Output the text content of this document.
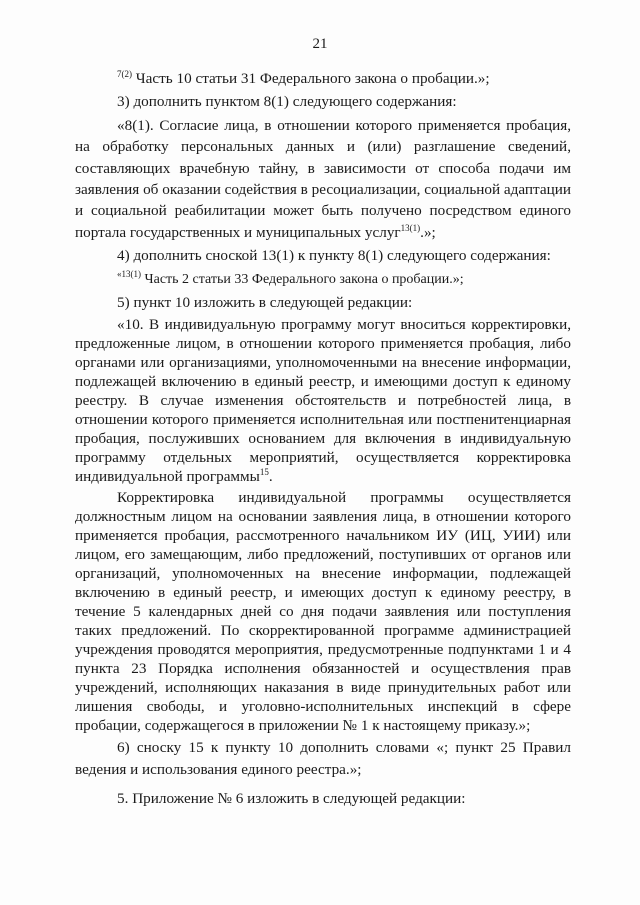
21

$^{7(2)}$ Часть 10 статьи 31 Федерального закона о пробации.»;

3) дополнить пунктом 8(1) следующего содержания:

«8(1). Согласие лица, в отношении которого применяется пробация, на обработку персональных данных и (или) разглашение сведений, составляющих врачебную тайну, в зависимости от способа подачи им заявления об оказании содействия в ресоциализации, социальной адаптации и социальной реабилитации может быть получено посредством единого портала государственных и муниципальных услуг$^{13(1)}$.»;

4) дополнить сноской 13(1) к пункту 8(1) следующего содержания:

$^{«13(1)}$ Часть 2 статьи 33 Федерального закона о пробации.»;

5) пункт 10 изложить в следующей редакции:

«10. В индивидуальную программу могут вноситься корректировки, предложенные лицом, в отношении которого применяется пробация, либо органами или организациями, уполномоченными на внесение информации, подлежащей включению в единый реестр, и имеющими доступ к единому реестру. В случае изменения обстоятельств и потребностей лица, в отношении которого применяется исполнительная или постпенитенциарная пробация, послуживших основанием для включения в индивидуальную программу отдельных мероприятий, осуществляется корректировка индивидуальной программы$^{15}$.

Корректировка индивидуальной программы осуществляется должностным лицом на основании заявления лица, в отношении которого применяется пробация, рассмотренного начальником ИУ (ИЦ, УИИ) или лицом, его замещающим, либо предложений, поступивших от органов или организаций, уполномоченных на внесение информации, подлежащей включению в единый реестр, и имеющих доступ к единому реестру, в течение 5 календарных дней со дня подачи заявления или поступления таких предложений. По скорректированной программе администрацией учреждения проводятся мероприятия, предусмотренные подпунктами 1 и 4 пункта 23 Порядка исполнения обязанностей и осуществления прав учреждений, исполняющих наказания в виде принудительных работ или лишения свободы, и уголовно-исполнительных инспекций в сфере пробации, содержащегося в приложении № 1 к настоящему приказу.»;

6) сноску 15 к пункту 10 дополнить словами «; пункт 25 Правил ведения и использования единого реестра.»;

5. Приложение № 6 изложить в следующей редакции:
